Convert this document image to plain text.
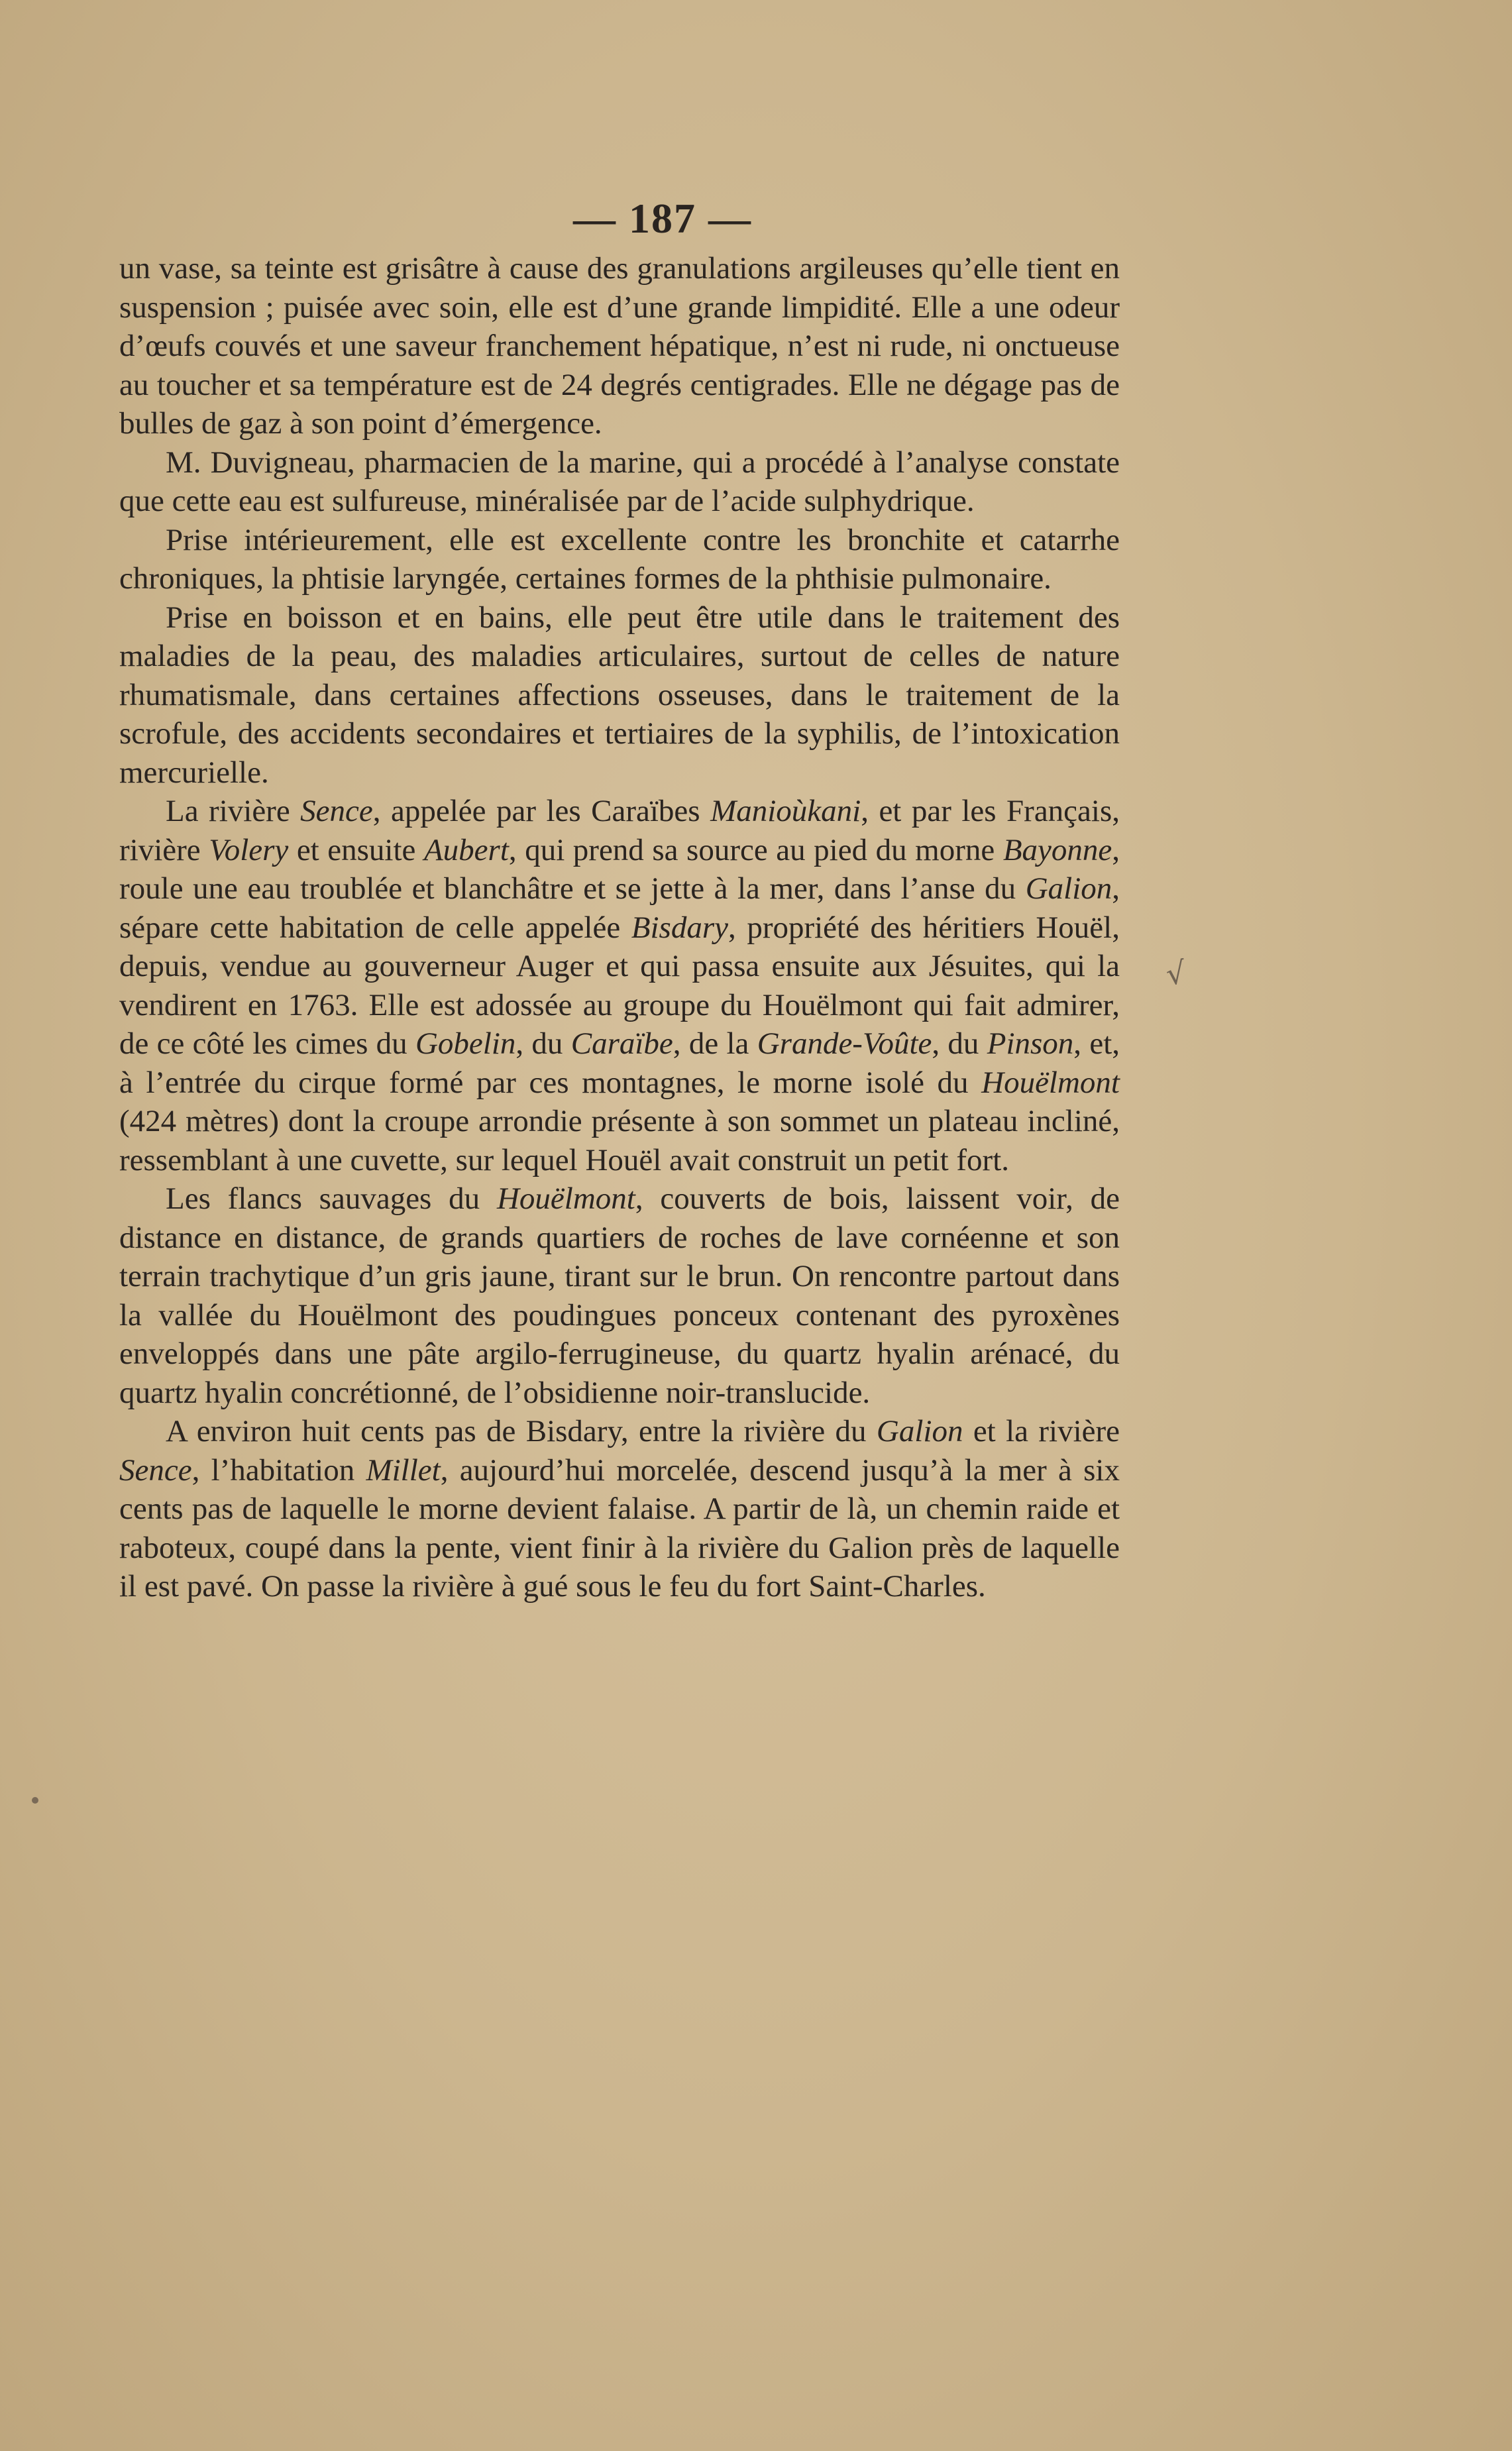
— 187 —

un vase, sa teinte est grisâtre à cause des granulations argileuses qu’elle tient en suspension ; puisée avec soin, elle est d’une grande limpidité. Elle a une odeur d’œufs couvés et une saveur franchement hépatique, n’est ni rude, ni onctueuse au toucher et sa température est de 24 degrés centigrades. Elle ne dégage pas de bulles de gaz à son point d’émergence.

M. Duvigneau, pharmacien de la marine, qui a procédé à l’analyse constate que cette eau est sulfureuse, minéralisée par de l’acide sulphydrique.

Prise intérieurement, elle est excellente contre les bronchite et catarrhe chroniques, la phtisie laryngée, certaines formes de la phthisie pulmonaire.

Prise en boisson et en bains, elle peut être utile dans le traitement des maladies de la peau, des maladies articulaires, surtout de celles de nature rhumatismale, dans certaines affections osseuses, dans le traitement de la scrofule, des accidents secondaires et tertiaires de la syphilis, de l’intoxication mercurielle.

La rivière Sence, appelée par les Caraïbes Manioùkani, et par les Français, rivière Volery et ensuite Aubert, qui prend sa source au pied du morne Bayonne, roule une eau troublée et blanchâtre et se jette à la mer, dans l’anse du Galion, sépare cette habitation de celle appelée Bisdary, propriété des héritiers Houël, depuis, vendue au gouverneur Auger et qui passa ensuite aux Jésuites, qui la vendirent en 1763. Elle est adossée au groupe du Houëlmont qui fait admirer, de ce côté les cimes du Gobelin, du Caraïbe, de la Grande-Voûte, du Pinson, et, à l’entrée du cirque formé par ces montagnes, le morne isolé du Houëlmont (424 mètres) dont la croupe arrondie présente à son sommet un plateau incliné, ressemblant à une cuvette, sur lequel Houël avait construit un petit fort.

Les flancs sauvages du Houëlmont, couverts de bois, laissent voir, de distance en distance, de grands quartiers de roches de lave cornéenne et son terrain trachytique d’un gris jaune, tirant sur le brun. On rencontre partout dans la vallée du Houëlmont des poudingues ponceux contenant des pyroxènes enveloppés dans une pâte argilo-ferrugineuse, du quartz hyalin arénacé, du quartz hyalin concrétionné, de l’obsidienne noir-translucide.

A environ huit cents pas de Bisdary, entre la rivière du Galion et la rivière Sence, l’habitation Millet, aujourd’hui morcelée, descend jusqu’à la mer à six cents pas de laquelle le morne devient falaise. A partir de là, un chemin raide et raboteux, coupé dans la pente, vient finir à la rivière du Galion près de laquelle il est pavé. On passe la rivière à gué sous le feu du fort Saint-Charles.

√
